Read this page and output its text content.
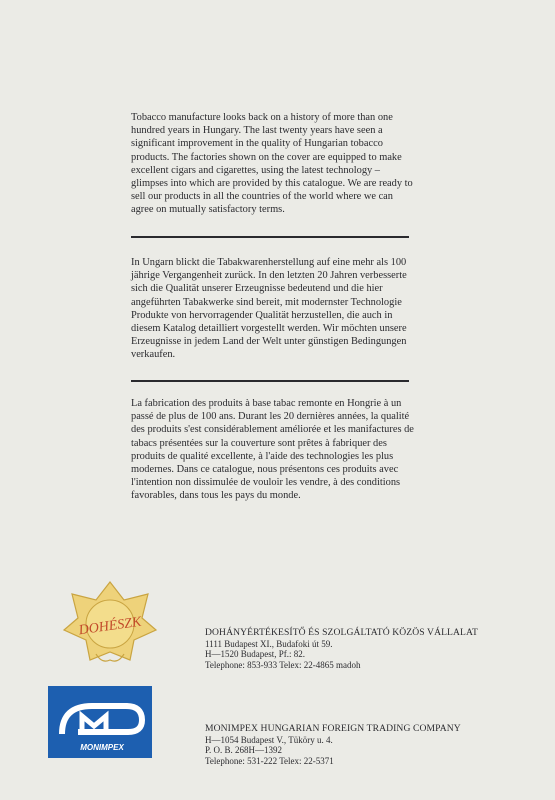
Tobacco manufacture looks back on a history of more than one hundred years in Hungary. The last twenty years have seen a significant improvement in the quality of Hungarian tobacco products. The factories shown on the cover are equipped to make excellent cigars and cigarettes, using the latest technology – glimpses into which are provided by this catalogue. We are ready to sell our products in all the countries of the world where we can agree on mutually satisfactory terms.

In Ungarn blickt die Tabakwarenherstellung auf eine mehr als 100 jährige Vergangenheit zurück. In den letzten 20 Jahren verbesserte sich die Qualität unserer Erzeugnisse bedeutend und die hier angeführten Tabakwerke sind bereit, mit modernster Technologie Produkte von hervorragender Qualität herzustellen, die auch in diesem Katalog detailliert vorgestellt werden. Wir möchten unsere Erzeugnisse in jedem Land der Welt unter günstigen Bedingungen verkaufen.

La fabrication des produits à base tabac remonte en Hongrie à un passé de plus de 100 ans. Durant les 20 dernières années, la qualité des produits s'est considérablement améliorée et les manifactures de tabacs présentées sur la couverture sont prêtes à fabriquer des produits de qualité excellente, à l'aide des technologies les plus modernes. Dans ce catalogue, nous présentons ces produits avec l'intention non dissimulée de vouloir les vendre, à des conditions favorables, dans tous les pays du monde.

DOHÉSZK	DOHÁNYÉRTÉKESÍTŐ ÉS SZOLGÁLTATÓ KÖZÖS VÁLLALAT
1111 Budapest XI., Budafoki út 59.
H—1520 Budapest, Pf.: 82.
Telephone: 853-933 Telex: 22-4865 madoh
MONIMPEX
MONIMPEX HUNGARIAN FOREIGN TRADING COMPANY
H—1054 Budapest V., Tüköry u. 4.
P. O. B. 268H—1392
Telephone: 531-222 Telex: 22-5371
